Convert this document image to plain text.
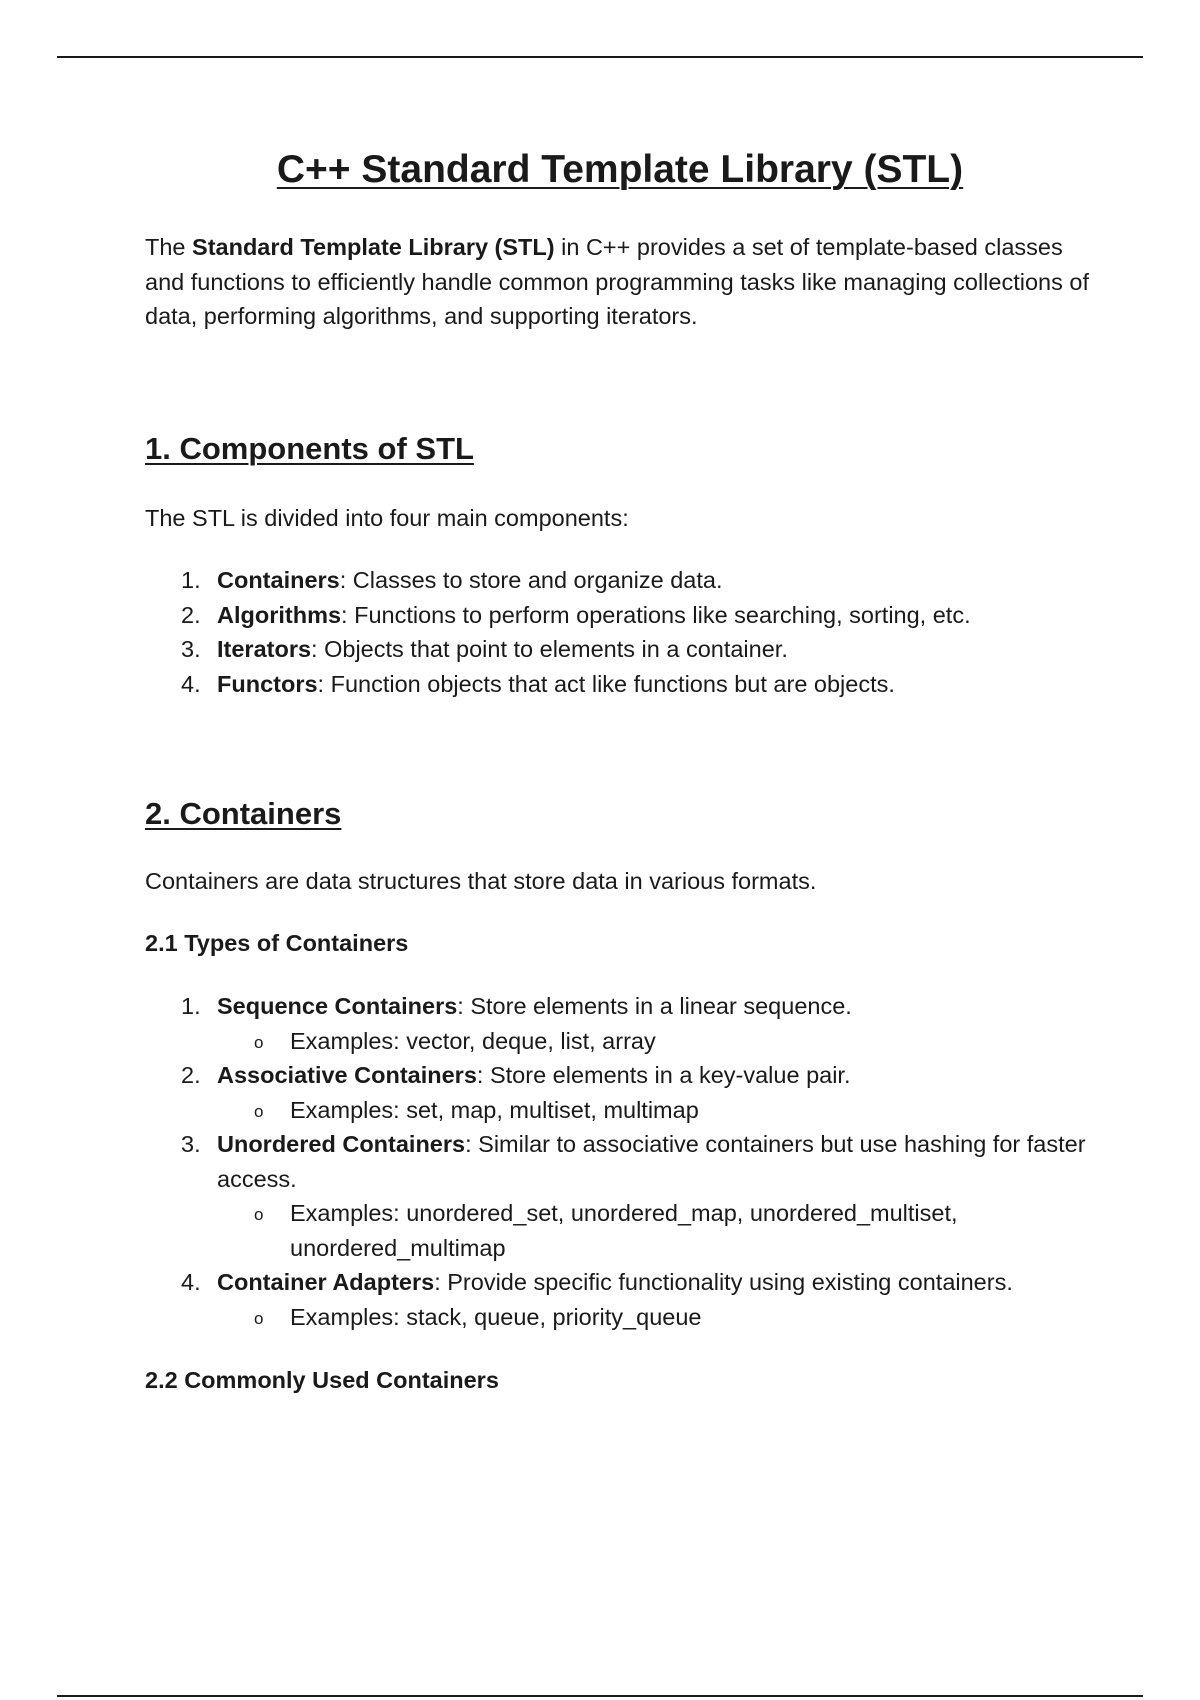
C++ Standard Template Library (STL)

The Standard Template Library (STL) in C++ provides a set of template-based classes and functions to efficiently handle common programming tasks like managing collections of data, performing algorithms, and supporting iterators.

1. Components of STL

The STL is divided into four main components:

1. Containers: Classes to store and organize data.
2. Algorithms: Functions to perform operations like searching, sorting, etc.
3. Iterators: Objects that point to elements in a container.
4. Functors: Function objects that act like functions but are objects.
2. Containers

Containers are data structures that store data in various formats.

2.1 Types of Containers
1. Sequence Containers: Store elements in a linear sequence.
o Examples: vector, deque, list, array
2. Associative Containers: Store elements in a key-value pair.
o Examples: set, map, multiset, multimap
3. Unordered Containers: Similar to associative containers but use hashing for faster access.
o Examples: unordered_set, unordered_map, unordered_multiset, unordered_multimap
4. Container Adapters: Provide specific functionality using existing containers.
o Examples: stack, queue, priority_queue
2.2 Commonly Used Containers
